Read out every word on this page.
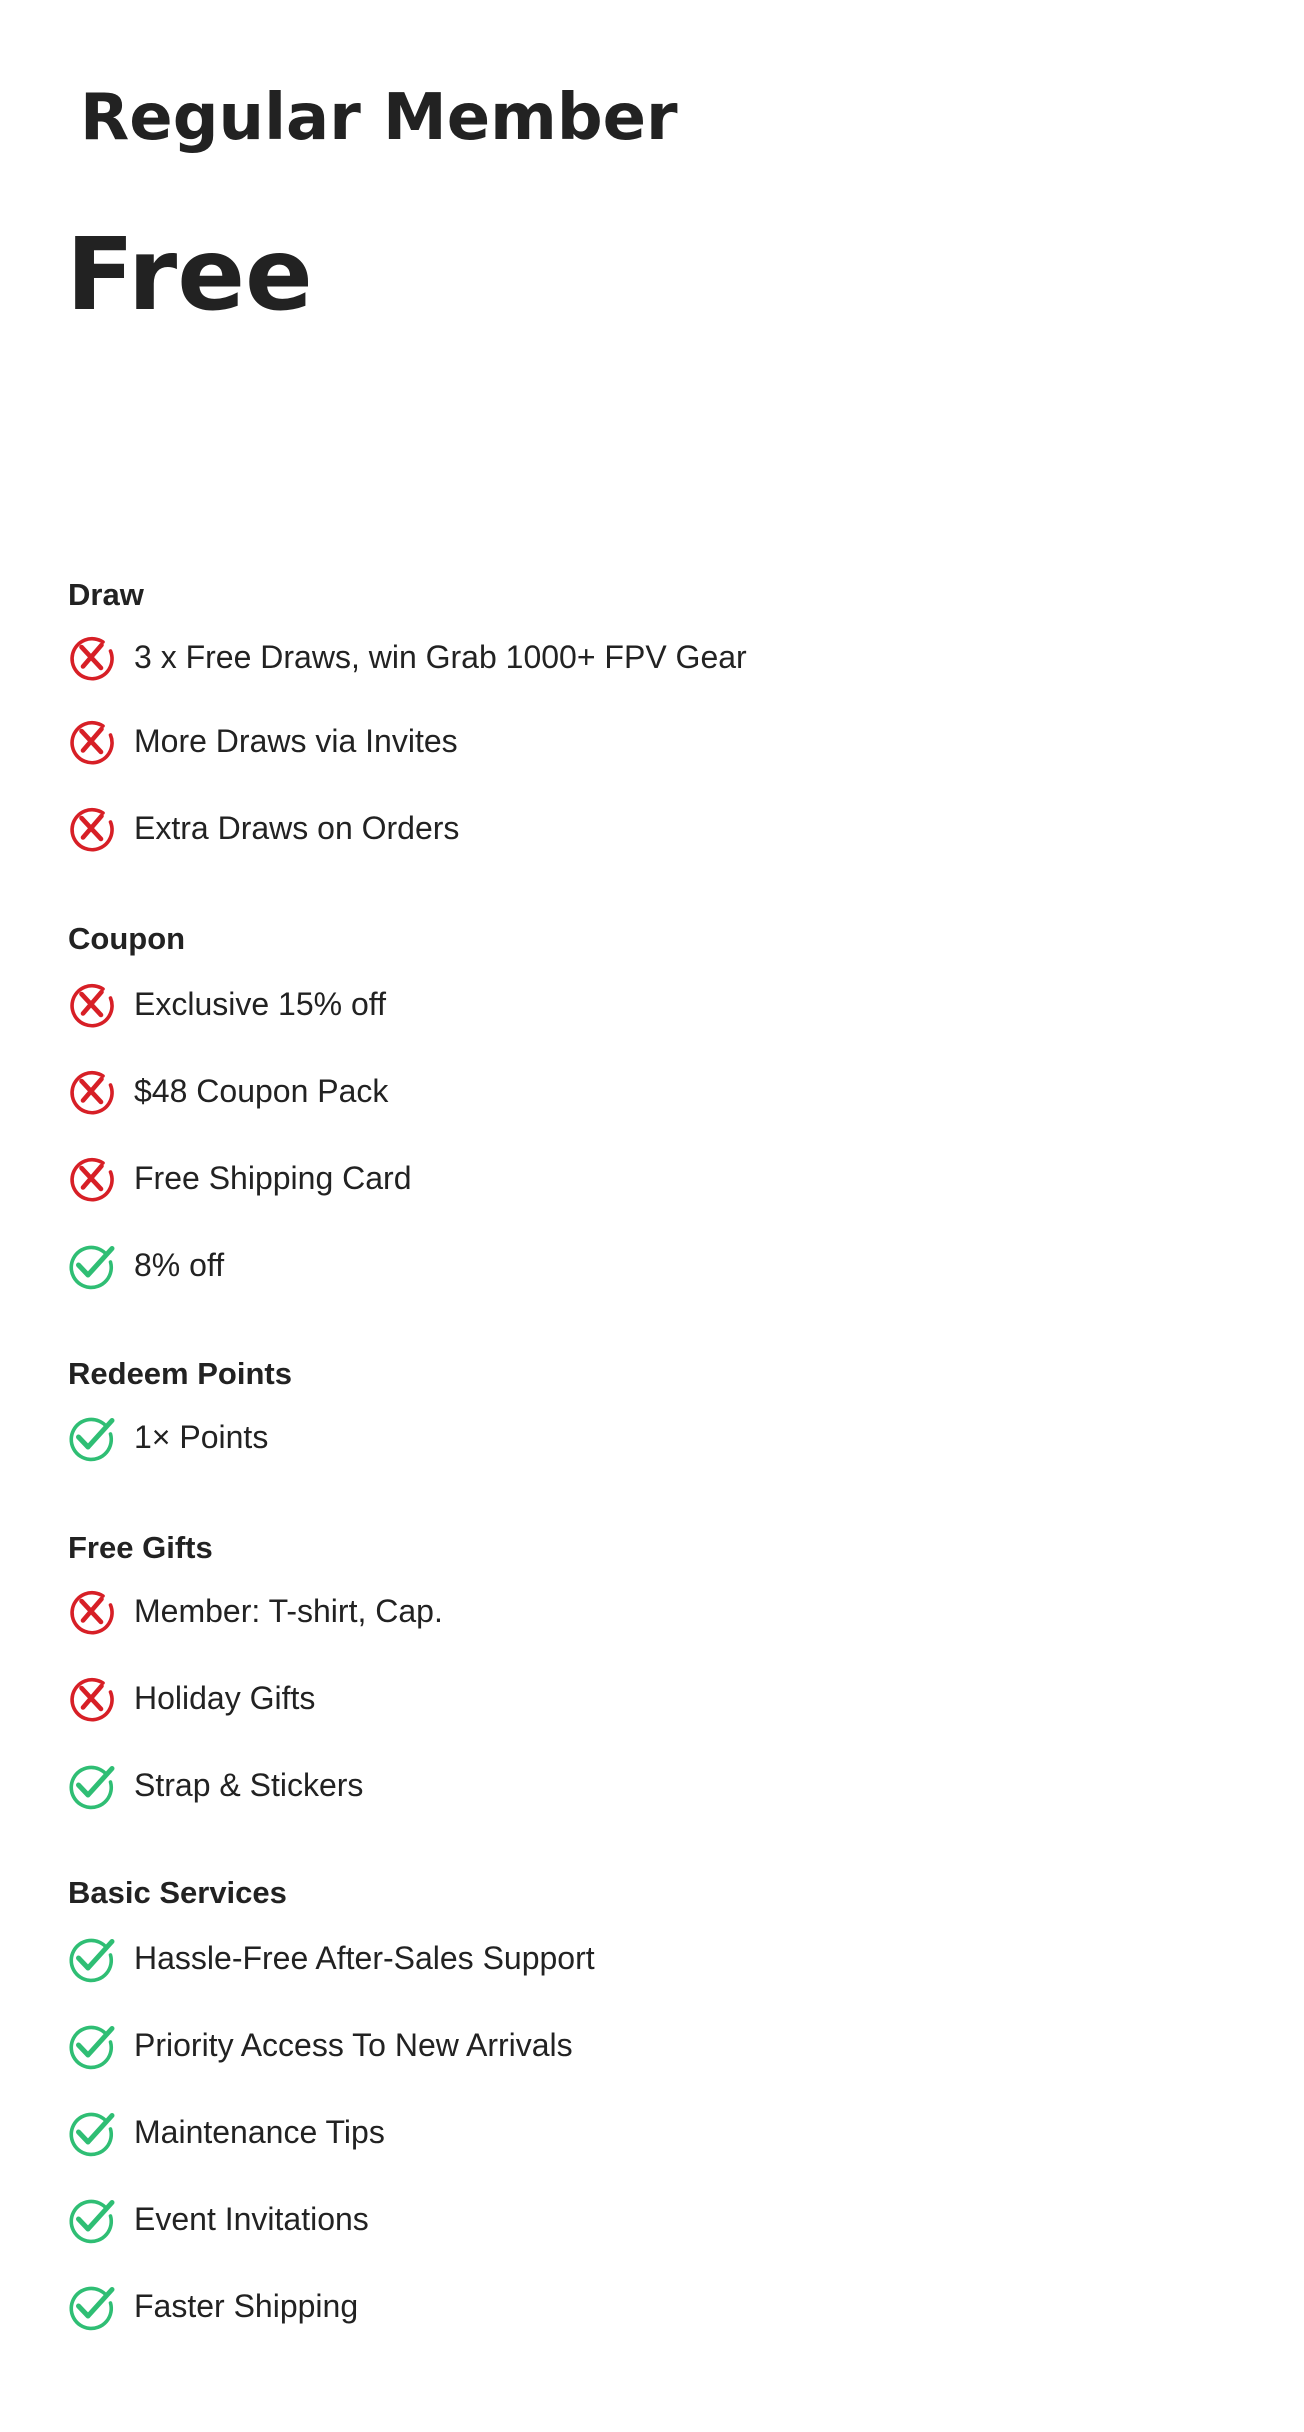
Regular Member
Free
Draw
3 x Free Draws, win Grab 1000+ FPV Gear
More Draws via Invites
Extra Draws on Orders
Coupon
Exclusive 15% off
$48 Coupon Pack
Free Shipping Card
8% off
Redeem Points
1× Points
Free Gifts
Member: T-shirt, Cap.
Holiday Gifts
Strap & Stickers
Basic Services
Hassle-Free After-Sales Support
Priority Access To New Arrivals
Maintenance Tips
Event Invitations
Faster Shipping
